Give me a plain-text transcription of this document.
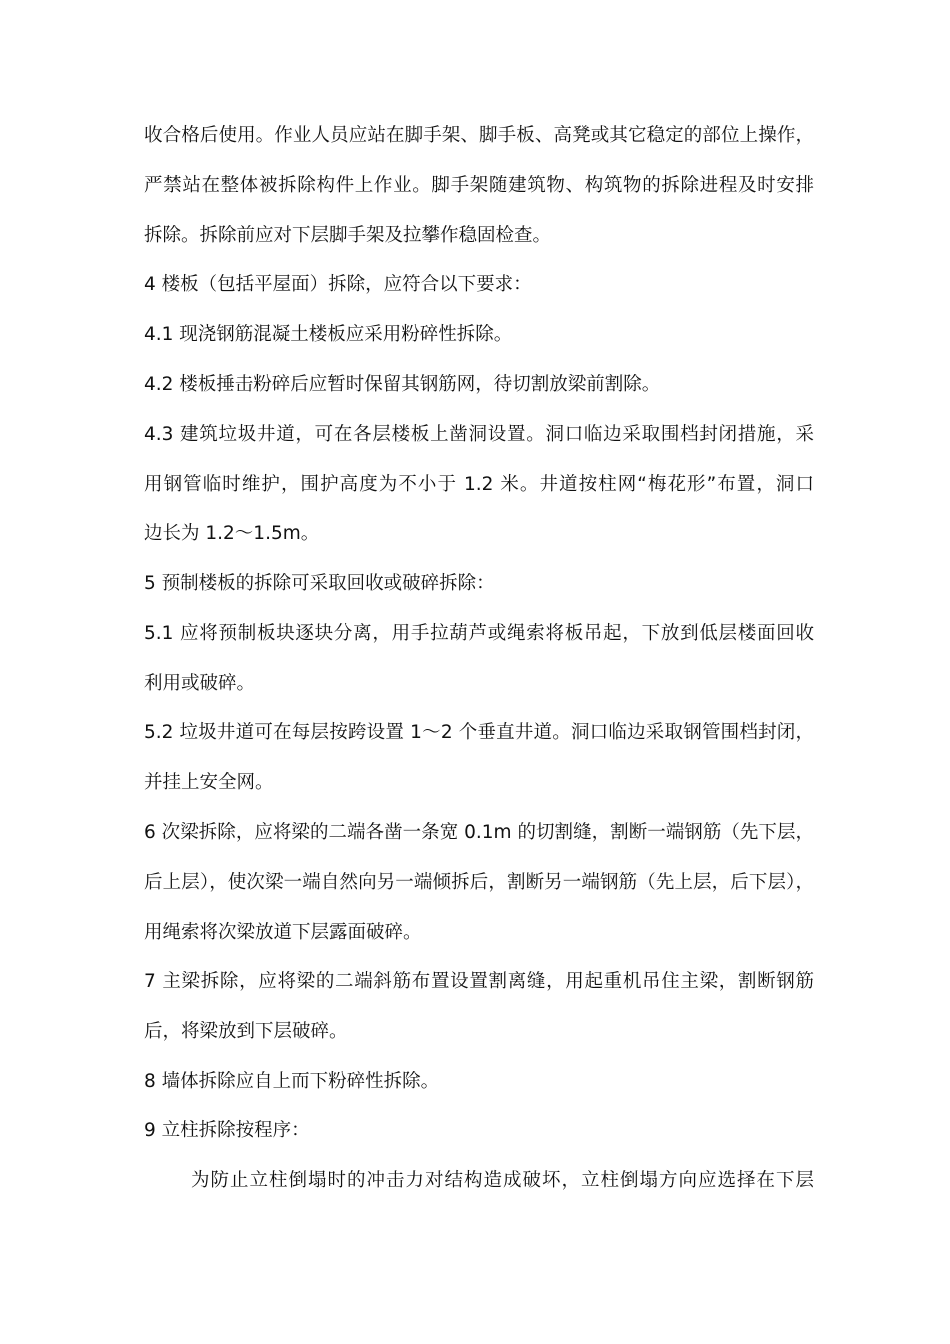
收合格后使用。作业人员应站在脚手架、脚手板、高凳或其它稳定的部位上操作，
严禁站在整体被拆除构件上作业。脚手架随建筑物、构筑物的拆除进程及时安排
拆除。拆除前应对下层脚手架及拉攀作稳固检查。
4 楼板（包括平屋面）拆除，应符合以下要求：
4.1 现浇钢筋混凝土楼板应采用粉碎性拆除。
4.2 楼板捶击粉碎后应暂时保留其钢筋网，待切割放梁前割除。
4.3 建筑垃圾井道，可在各层楼板上凿洞设置。洞口临边采取围档封闭措施，采
用钢管临时维护，围护高度为不小于 1.2 米。井道按柱网“梅花形”布置，洞口
边长为 1.2～1.5m。
5 预制楼板的拆除可采取回收或破碎拆除：
5.1 应将预制板块逐块分离，用手拉葫芦或绳索将板吊起，下放到低层楼面回收
利用或破碎。
5.2 垃圾井道可在每层按跨设置 1～2 个垂直井道。洞口临边采取钢管围档封闭，
并挂上安全网。
6 次梁拆除，应将梁的二端各凿一条宽 0.1m 的切割缝，割断一端钢筋（先下层，
后上层），使次梁一端自然向另一端倾拆后，割断另一端钢筋（先上层，后下层），
用绳索将次梁放道下层露面破碎。
7 主梁拆除，应将梁的二端斜筋布置设置割离缝，用起重机吊住主梁，割断钢筋
后，将梁放到下层破碎。
8 墙体拆除应自上而下粉碎性拆除。
9 立柱拆除按程序：
为防止立柱倒塌时的冲击力对结构造成破坏，立柱倒塌方向应选择在下层
